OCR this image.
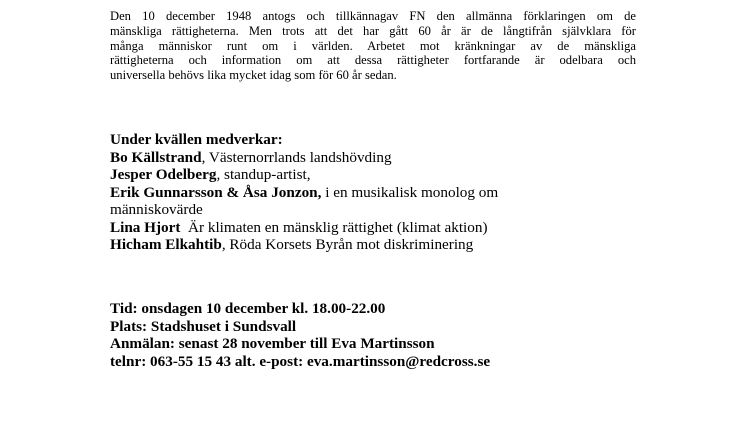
Den 10 december 1948 antogs och tillkännagav FN den allmänna förklaringen om de
mänskliga rättigheterna. Men trots att det har gått 60 år är de långtifrån självklara för
många människor runt om i världen. Arbetet mot kränkningar av de mänskliga
rättigheterna och information om att dessa rättigheter fortfarande är odelbara och
universella behövs lika mycket idag som för 60 år sedan.
Under kvällen medverkar:
Bo Källstrand, Västernorrlands landshövding
Jesper Odelberg, standup-artist,
Erik Gunnarsson & Åsa Jonzon, i en musikalisk monolog om
människovärde
Lina Hjort  Är klimaten en mänsklig rättighet (klimat aktion)
Hicham Elkahtib, Röda Korsets Byrån mot diskriminering
Tid: onsdagen 10 december kl. 18.00-22.00
Plats: Stadshuset i Sundsvall
Anmälan: senast 28 november till Eva Martinsson
telnr: 063-55 15 43 alt. e-post: eva.martinsson@redcross.se
